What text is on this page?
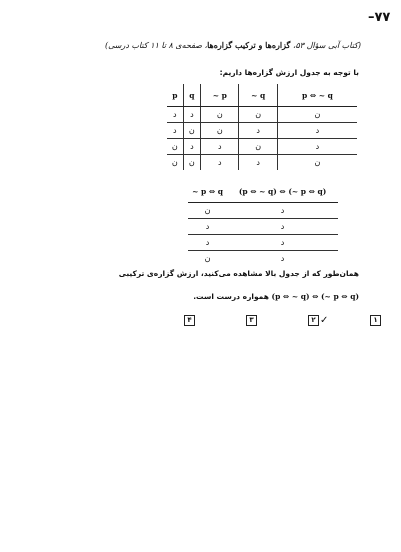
–۷۷
(کتاب آبی سؤال ۵۳، گزاره‌ها و ترکیب گزاره‌ها، صفحه‌ی ۸ تا ۱۱ کتاب درسی)
با توجه به جدول ارزش گزاره‌ها داریم:
p	q	~ p	~ q	p ⇔ ~ q
د	د	ن	ن	ن
د	ن	ن	د	د
ن	د	د	ن	د
ن	ن	د	د	ن
~ p ⇔ q	(p ⇔ ~ q) ⇔ (~ p ⇔ q)
ن	د
د	د
د	د
ن	د
همان‌طور که از جدول بالا مشاهده می‌کنید، ارزش گزاره‌ی ترکیبی
(p ⇔ ~ q) ⇔ (~ p ⇔ q) همواره درست است.
۱
۲ ✓
۳
۴
